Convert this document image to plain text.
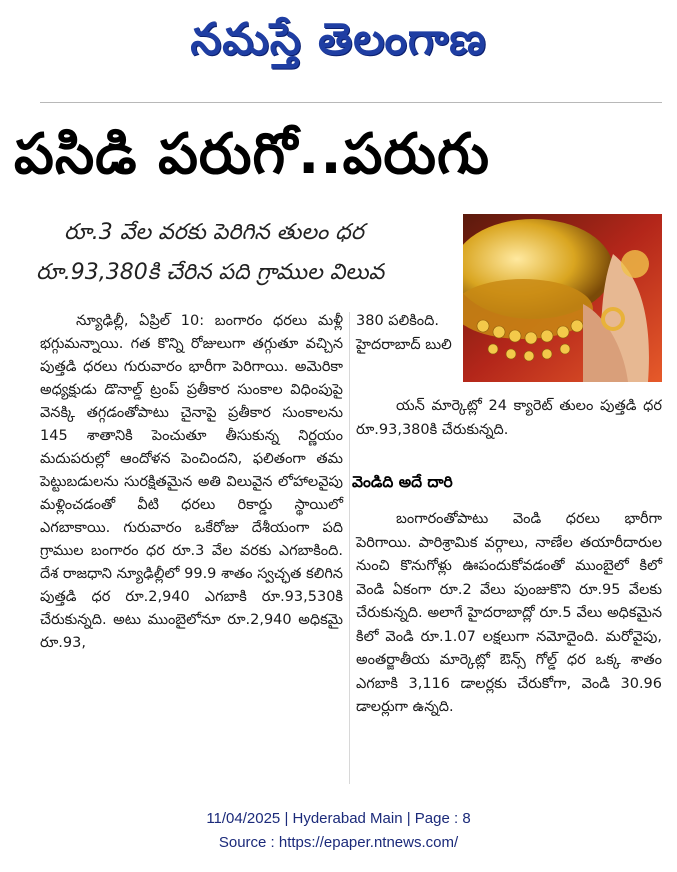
నమస్తే తెలంగాణ
పసిడి పరుగో..పరుగు
రూ.3 వేల వరకు పెరిగిన తులం ధర
రూ.93,380కి చేరిన పది గ్రాముల విలువ

న్యూఢిల్లీ, ఏప్రిల్ 10: బంగారం ధరలు మళ్లీ భగ్గుమన్నాయి. గత కొన్ని రోజులుగా తగ్గుతూ వచ్చిన పుత్తడి ధరలు గురువారం భారీగా పెరిగాయి. అమెరికా అధ్యక్షుడు డొనాల్డ్ ట్రంప్ ప్రతీకార సుంకాల విధింపుపై వెనక్కి తగ్గడంతోపాటు చైనాపై ప్రతీకార సుంకాలను 145 శాతానికి పెంచుతూ తీసుకున్న నిర్ణయం మదుపరుల్లో ఆందోళన పెంచిందని, ఫలితంగా తమ పెట్టుబడులను సురక్షితమైన అతి విలువైన లోహాలవైపు మళ్లించడంతో వీటి ధరలు రికార్డు స్థాయిలో ఎగబాకాయి. గురువారం ఒకేరోజు దేశీయంగా పది గ్రాముల బంగారం ధర రూ.3 వేల వరకు ఎగబాకింది. దేశ రాజధాని న్యూఢిల్లీలో 99.9 శాతం స్వచ్ఛత కలిగిన పుత్తడి ధర రూ.2,940 ఎగబాకి రూ.93,530కి చేరుకున్నది. అటు ముంబైలోనూ రూ.2,940 అధికమై రూ.93,

380 పలికింది. హైదరాబాద్ బులి
యన్ మార్కెట్లో 24 క్యారెట్ తులం పుత్తడి ధర రూ.93,380కి చేరుకున్నది.
వెండిది అదే దారి

బంగారంతోపాటు వెండి ధరలు భారీగా పెరిగాయి. పారిశ్రామిక వర్గాలు, నాణేల తయారీదారుల నుంచి కొనుగోళ్లు ఊపందుకోవడంతో ముంబైలో కిలో వెండి ఏకంగా రూ.2 వేలు పుంజుకొని రూ.95 వేలకు చేరుకున్నది. అలాగే హైదరాబాద్లో రూ.5 వేలు అధికమైన కిలో వెండి రూ.1.07 లక్షలుగా నమోదైంది. మరోవైపు, అంతర్జాతీయ మార్కెట్లో ఔన్స్ గోల్డ్ ధర ఒక్క శాతం ఎగబాకి 3,116 డాలర్లకు చేరుకోగా, వెండి 30.96 డాలర్లుగా ఉన్నది.

11/04/2025 | Hyderabad Main | Page : 8
Source : https://epaper.ntnews.com/
